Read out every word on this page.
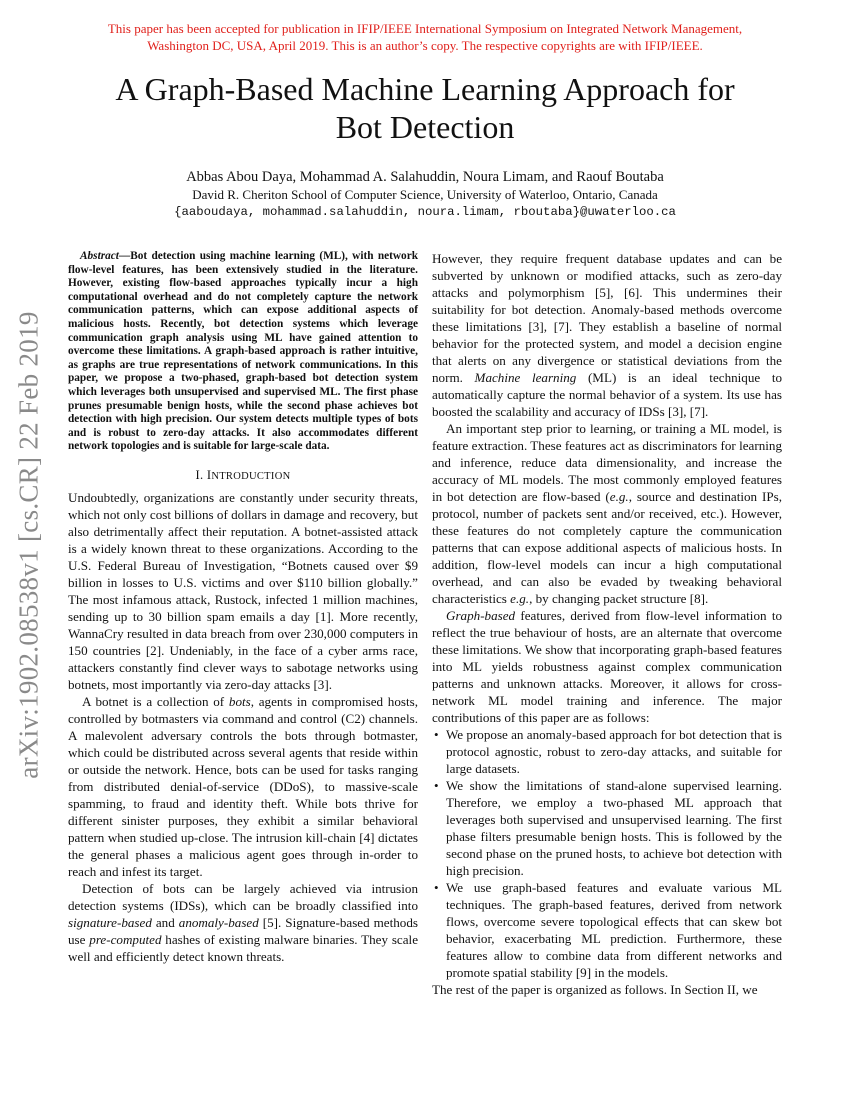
This paper has been accepted for publication in IFIP/IEEE International Symposium on Integrated Network Management,
Washington DC, USA, April 2019. This is an author’s copy. The respective copyrights are with IFIP/IEEE.
A Graph-Based Machine Learning Approach for
Bot Detection
Abbas Abou Daya, Mohammad A. Salahuddin, Noura Limam, and Raouf Boutaba
David R. Cheriton School of Computer Science, University of Waterloo, Ontario, Canada
{aaboudaya, mohammad.salahuddin, noura.limam, rboutaba}@uwaterloo.ca
arXiv:1902.08538v1 [cs.CR] 22 Feb 2019

Abstract—Bot detection using machine learning (ML), with network flow-level features, has been extensively studied in the literature. However, existing flow-based approaches typically incur a high computational overhead and do not completely capture the network communication patterns, which can expose additional aspects of malicious hosts. Recently, bot detection systems which leverage communication graph analysis using ML have gained attention to overcome these limitations. A graph-based approach is rather intuitive, as graphs are true representations of network communications. In this paper, we propose a two-phased, graph-based bot detection system which leverages both unsupervised and supervised ML. The first phase prunes presumable benign hosts, while the second phase achieves bot detection with high precision. Our system detects multiple types of bots and is robust to zero-day attacks. It also accommodates different network topologies and is suitable for large-scale data.

I. INTRODUCTION

Undoubtedly, organizations are constantly under security threats, which not only cost billions of dollars in damage and recovery, but also detrimentally affect their reputation. A botnet-assisted attack is a widely known threat to these organizations. According to the U.S. Federal Bureau of Investigation, “Botnets caused over $9 billion in losses to U.S. victims and over $110 billion globally.” The most infamous attack, Rustock, infected 1 million machines, sending up to 30 billion spam emails a day [1]. More recently, WannaCry resulted in data breach from over 230,000 computers in 150 countries [2]. Undeniably, in the face of a cyber arms race, attackers constantly find clever ways to sabotage networks using botnets, most importantly via zero-day attacks [3].

A botnet is a collection of bots, agents in compromised hosts, controlled by botmasters via command and control (C2) channels. A malevolent adversary controls the bots through botmaster, which could be distributed across several agents that reside within or outside the network. Hence, bots can be used for tasks ranging from distributed denial-of-service (DDoS), to massive-scale spamming, to fraud and identity theft. While bots thrive for different sinister purposes, they exhibit a similar behavioral pattern when studied up-close. The intrusion kill-chain [4] dictates the general phases a malicious agent goes through in-order to reach and infest its target.

Detection of bots can be largely achieved via intrusion detection systems (IDSs), which can be broadly classified into signature-based and anomaly-based [5]. Signature-based methods use pre-computed hashes of existing malware binaries. They scale well and efficiently detect known threats.

However, they require frequent database updates and can be subverted by unknown or modified attacks, such as zero-day attacks and polymorphism [5], [6]. This undermines their suitability for bot detection. Anomaly-based methods overcome these limitations [3], [7]. They establish a baseline of normal behavior for the protected system, and model a decision engine that alerts on any divergence or statistical deviations from the norm. Machine learning (ML) is an ideal technique to automatically capture the normal behavior of a system. Its use has boosted the scalability and accuracy of IDSs [3], [7].

An important step prior to learning, or training a ML model, is feature extraction. These features act as discriminators for learning and inference, reduce data dimensionality, and increase the accuracy of ML models. The most commonly employed features in bot detection are flow-based (e.g., source and destination IPs, protocol, number of packets sent and/or received, etc.). However, these features do not completely capture the communication patterns that can expose additional aspects of malicious hosts. In addition, flow-level models can incur a high computational overhead, and can also be evaded by tweaking behavioral characteristics e.g., by changing packet structure [8].

Graph-based features, derived from flow-level information to reflect the true behaviour of hosts, are an alternate that overcome these limitations. We show that incorporating graph-based features into ML yields robustness against complex communication patterns and unknown attacks. Moreover, it allows for cross-network ML model training and inference. The major contributions of this paper are as follows:

• We propose an anomaly-based approach for bot detection that is protocol agnostic, robust to zero-day attacks, and suitable for large datasets.
• We show the limitations of stand-alone supervised learning. Therefore, we employ a two-phased ML approach that leverages both supervised and unsupervised learning. The first phase filters presumable benign hosts. This is followed by the second phase on the pruned hosts, to achieve bot detection with high precision.
• We use graph-based features and evaluate various ML techniques. The graph-based features, derived from network flows, overcome severe topological effects that can skew bot behavior, exacerbating ML prediction. Furthermore, these features allow to combine data from different networks and promote spatial stability [9] in the models.

The rest of the paper is organized as follows. In Section II, we
